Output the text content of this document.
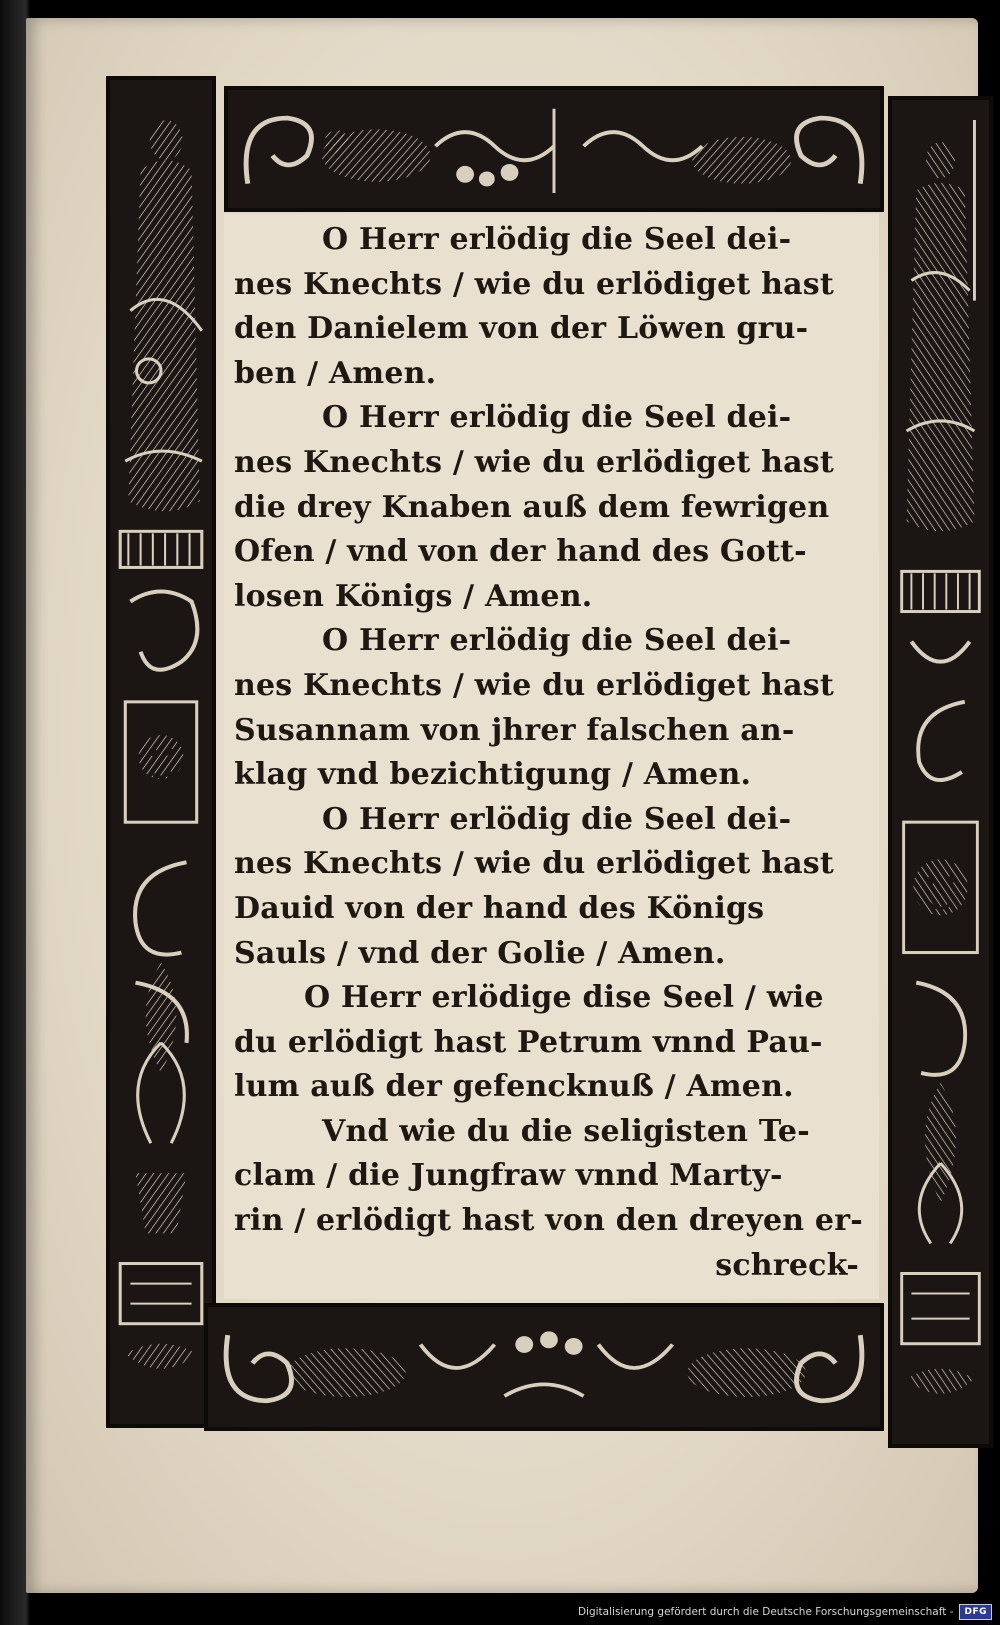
O Herr erlödig die Seel dei-
nes Knechts / wie du erlödiget hast
den Danielem von der Löwen gru-
ben / Amen.
O Herr erlödig die Seel dei-
nes Knechts / wie du erlödiget hast
die drey Knaben auß dem fewrigen
Ofen / vnd von der hand des Gott-
losen Königs / Amen.
O Herr erlödig die Seel dei-
nes Knechts / wie du erlödiget hast
Susannam von jhrer falschen an-
klag vnd bezichtigung / Amen.
O Herr erlödig die Seel dei-
nes Knechts / wie du erlödiget hast
Dauid von der hand des Königs
Sauls / vnd der Golie / Amen.
O Herr erlödige dise Seel / wie
du erlödigt hast Petrum vnnd Pau-
lum auß der gefencknuß / Amen.
Vnd wie du die seligisten Te-
clam / die Jungfraw vnnd Marty-
rin / erlödigt hast von den dreyen er-
schreck-
Digitalisierung gefördert durch die Deutsche Forschungsgemeinschaft -	DFG
